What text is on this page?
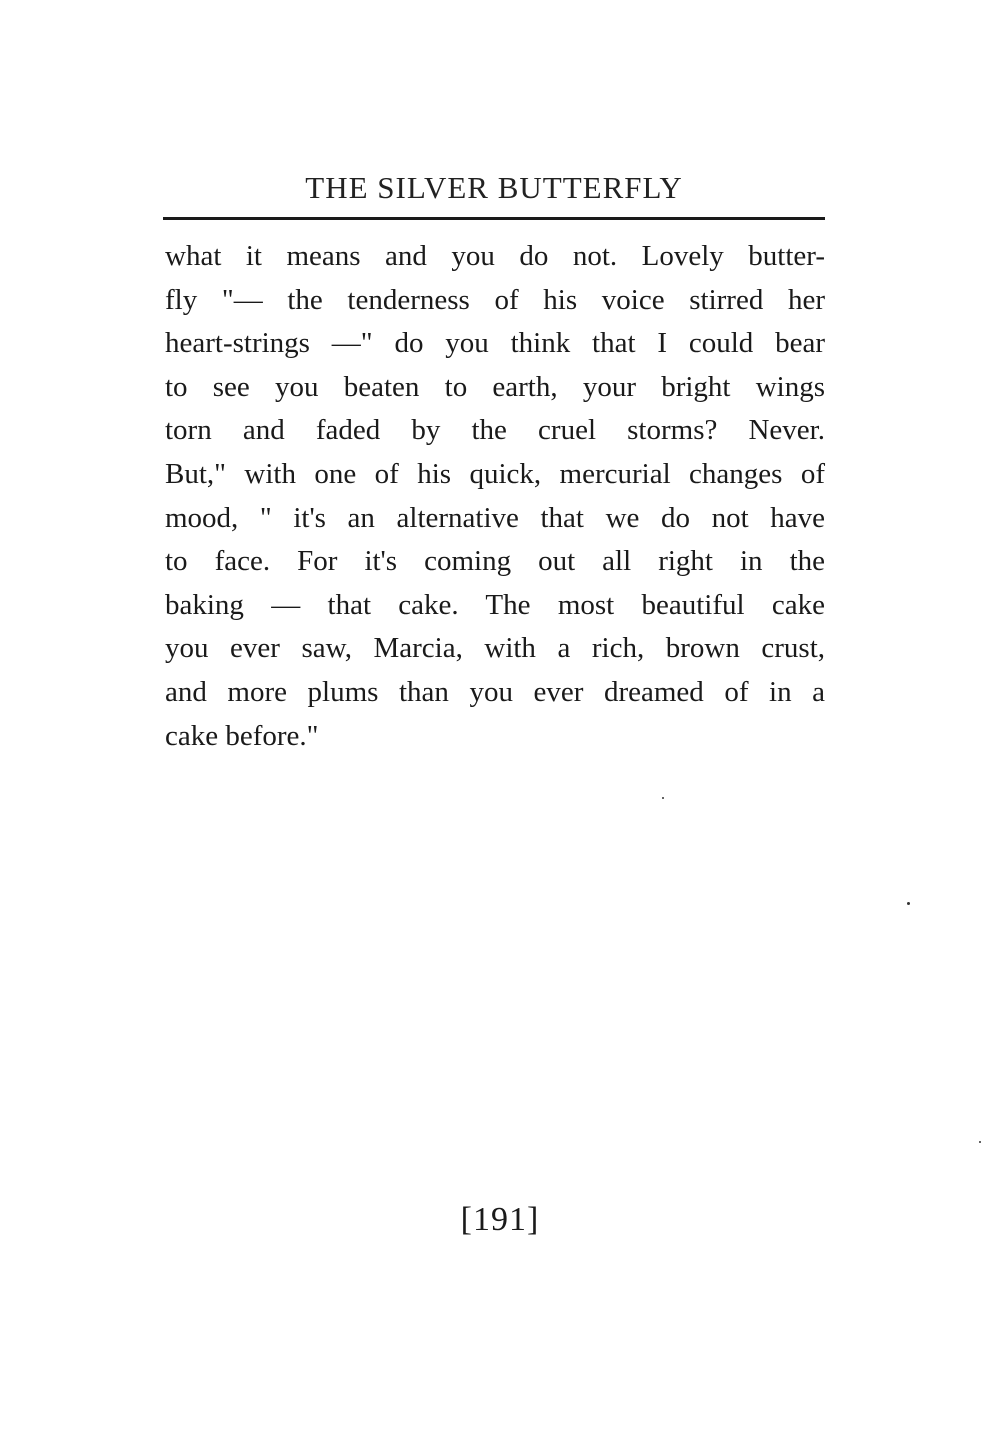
THE SILVER BUTTERFLY
what it means and you do not. Lovely butter-
fly "— the tenderness of his voice stirred her
heart-strings —" do you think that I could bear
to see you beaten to earth, your bright wings
torn and faded by the cruel storms? Never.
But," with one of his quick, mercurial changes of
mood, " it's an alternative that we do not have
to face. For it's coming out all right in the
baking — that cake. The most beautiful cake
you ever saw, Marcia, with a rich, brown crust,
and more plums than you ever dreamed of in a
cake before."
[191]
